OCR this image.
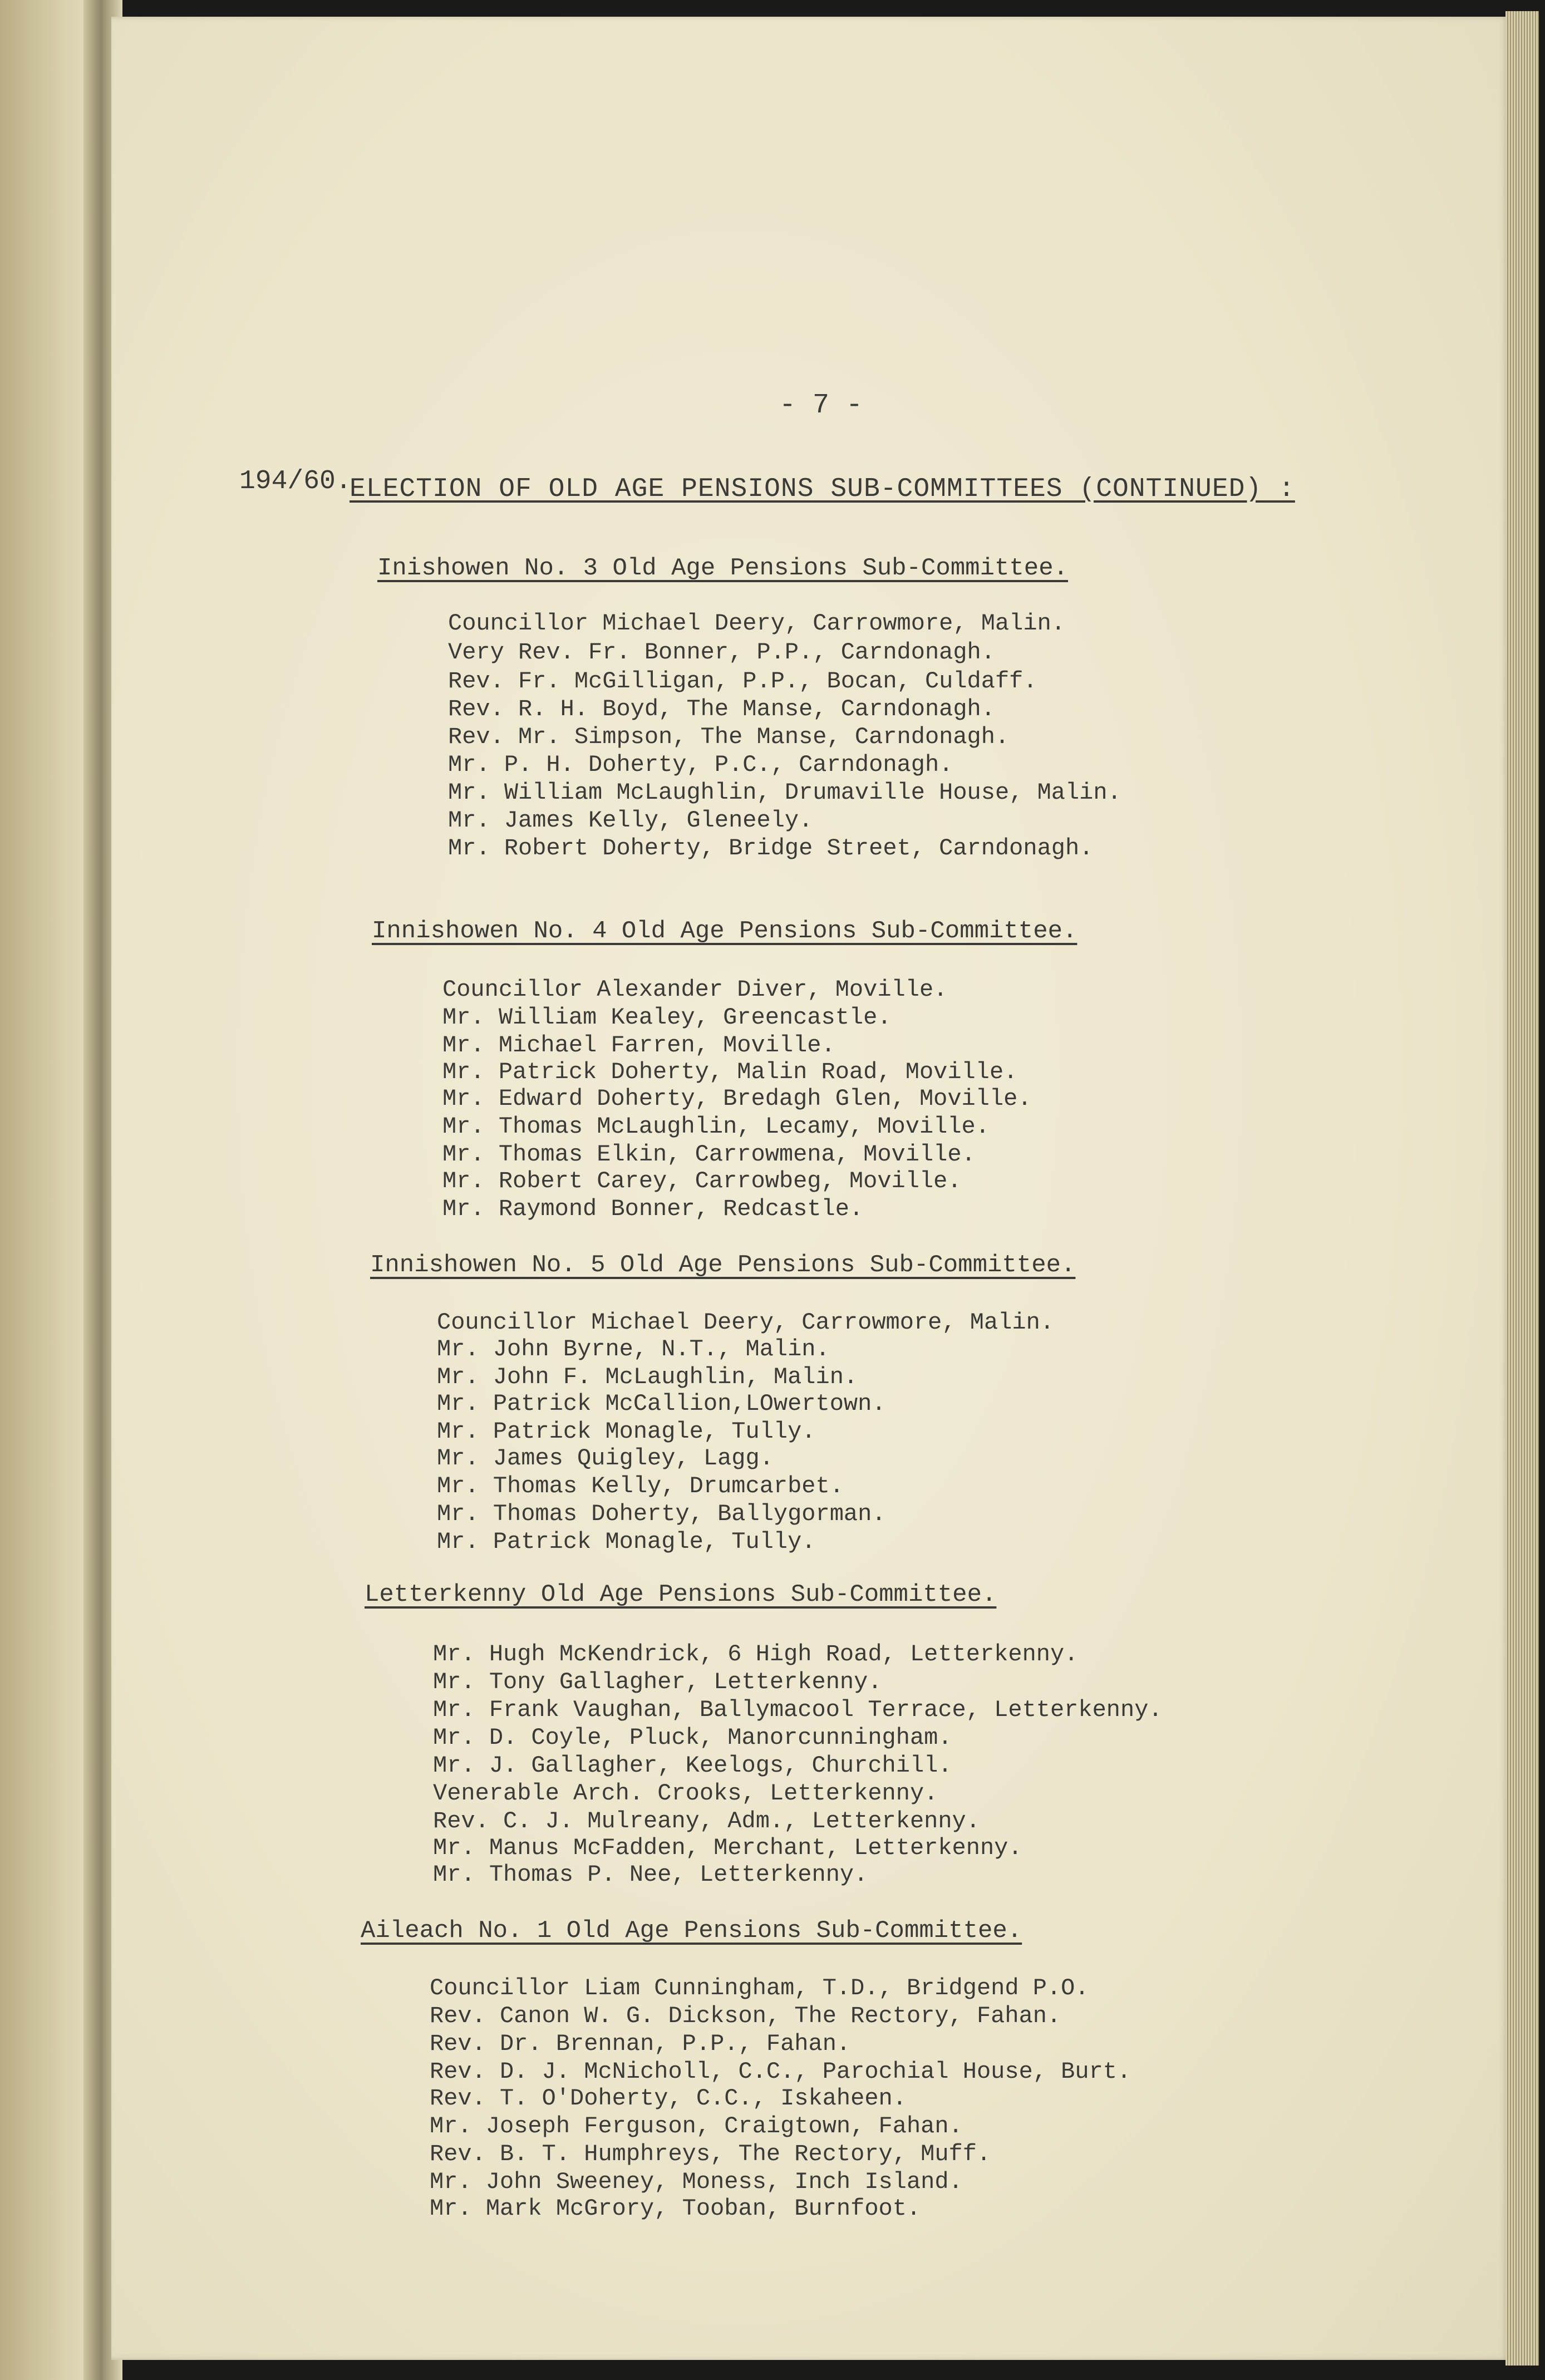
- 7 -
194/60.
ELECTION OF OLD AGE PENSIONS SUB-COMMITTEES (CONTINUED) :
Inishowen No. 3 Old Age Pensions Sub-Committee.
Councillor Michael Deery, Carrowmore, Malin.
Very Rev. Fr. Bonner, P.P., Carndonagh.
Rev. Fr. McGilligan, P.P., Bocan, Culdaff.
Rev. R. H. Boyd, The Manse, Carndonagh.
Rev. Mr. Simpson, The Manse, Carndonagh.
Mr. P. H. Doherty, P.C., Carndonagh.
Mr. William McLaughlin, Drumaville House, Malin.
Mr. James Kelly, Gleneely.
Mr. Robert Doherty, Bridge Street, Carndonagh.
Innishowen No. 4 Old Age Pensions Sub-Committee.
Councillor Alexander Diver, Moville.
Mr. William Kealey, Greencastle.
Mr. Michael Farren, Moville.
Mr. Patrick Doherty, Malin Road, Moville.
Mr. Edward Doherty, Bredagh Glen, Moville.
Mr. Thomas McLaughlin, Lecamy, Moville.
Mr. Thomas Elkin, Carrowmena, Moville.
Mr. Robert Carey, Carrowbeg, Moville.
Mr. Raymond Bonner, Redcastle.
Innishowen No. 5 Old Age Pensions Sub-Committee.
Councillor Michael Deery, Carrowmore, Malin.
Mr. John Byrne, N.T., Malin.
Mr. John F. McLaughlin, Malin.
Mr. Patrick McCallion,LOwertown.
Mr. Patrick Monagle, Tully.
Mr. James Quigley, Lagg.
Mr. Thomas Kelly, Drumcarbet.
Mr. Thomas Doherty, Ballygorman.
Mr. Patrick Monagle, Tully.
Letterkenny Old Age Pensions Sub-Committee.
Mr. Hugh McKendrick, 6 High Road, Letterkenny.
Mr. Tony Gallagher, Letterkenny.
Mr. Frank Vaughan, Ballymacool Terrace, Letterkenny.
Mr. D. Coyle, Pluck, Manorcunningham.
Mr. J. Gallagher, Keelogs, Churchill.
Venerable Arch. Crooks, Letterkenny.
Rev. C. J. Mulreany, Adm., Letterkenny.
Mr. Manus McFadden, Merchant, Letterkenny.
Mr. Thomas P. Nee, Letterkenny.
Aileach No. 1 Old Age Pensions Sub-Committee.
Councillor Liam Cunningham, T.D., Bridgend P.O.
Rev. Canon W. G. Dickson, The Rectory, Fahan.
Rev. Dr. Brennan, P.P., Fahan.
Rev. D. J. McNicholl, C.C., Parochial House, Burt.
Rev. T. O'Doherty, C.C., Iskaheen.
Mr. Joseph Ferguson, Craigtown, Fahan.
Rev. B. T. Humphreys, The Rectory, Muff.
Mr. John Sweeney, Moness, Inch Island.
Mr. Mark McGrory, Tooban, Burnfoot.
